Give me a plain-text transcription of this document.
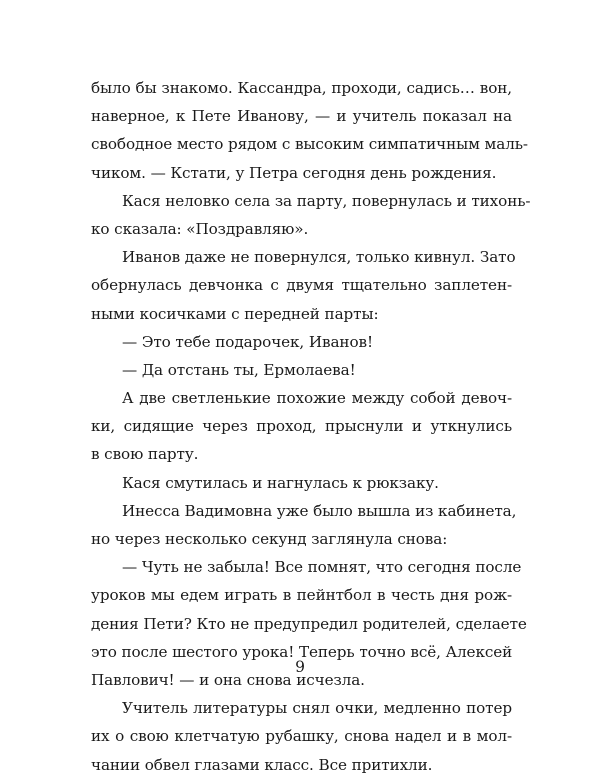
было бы знакомо. Кассандра, проходи, садись… вон,
наверное, к Пете Иванову, — и учитель показал на
свободное место рядом с высоким симпатичным маль-
чиком. — Кстати, у Петра сегодня день рождения.
Кася неловко села за парту, повернулась и тихонь-
ко сказала: «Поздравляю».
Иванов даже не повернулся, только кивнул. Зато
обернулась девчонка с двумя тщательно заплетен-
ными косичками с передней парты:
— Это тебе подарочек, Иванов!
— Да отстань ты, Ермолаева!
А две светленькие похожие между собой девоч-
ки, сидящие через проход, прыснули и уткнулись
в свою парту.
Кася смутилась и нагнулась к рюкзаку.
Инесса Вадимовна уже было вышла из кабинета,
но через несколько секунд заглянула снова:
— Чуть не забыла! Все помнят, что сегодня после
уроков мы едем играть в пейнтбол в честь дня рож-
дения Пети? Кто не предупредил родителей, сделаете
это после шестого урока! Теперь точно всё, Алексей
Павлович! — и она снова исчезла.
Учитель литературы снял очки, медленно потер
их о свою клетчатую рубашку, снова надел и в мол-
чании обвел глазами класс. Все притихли.
9
